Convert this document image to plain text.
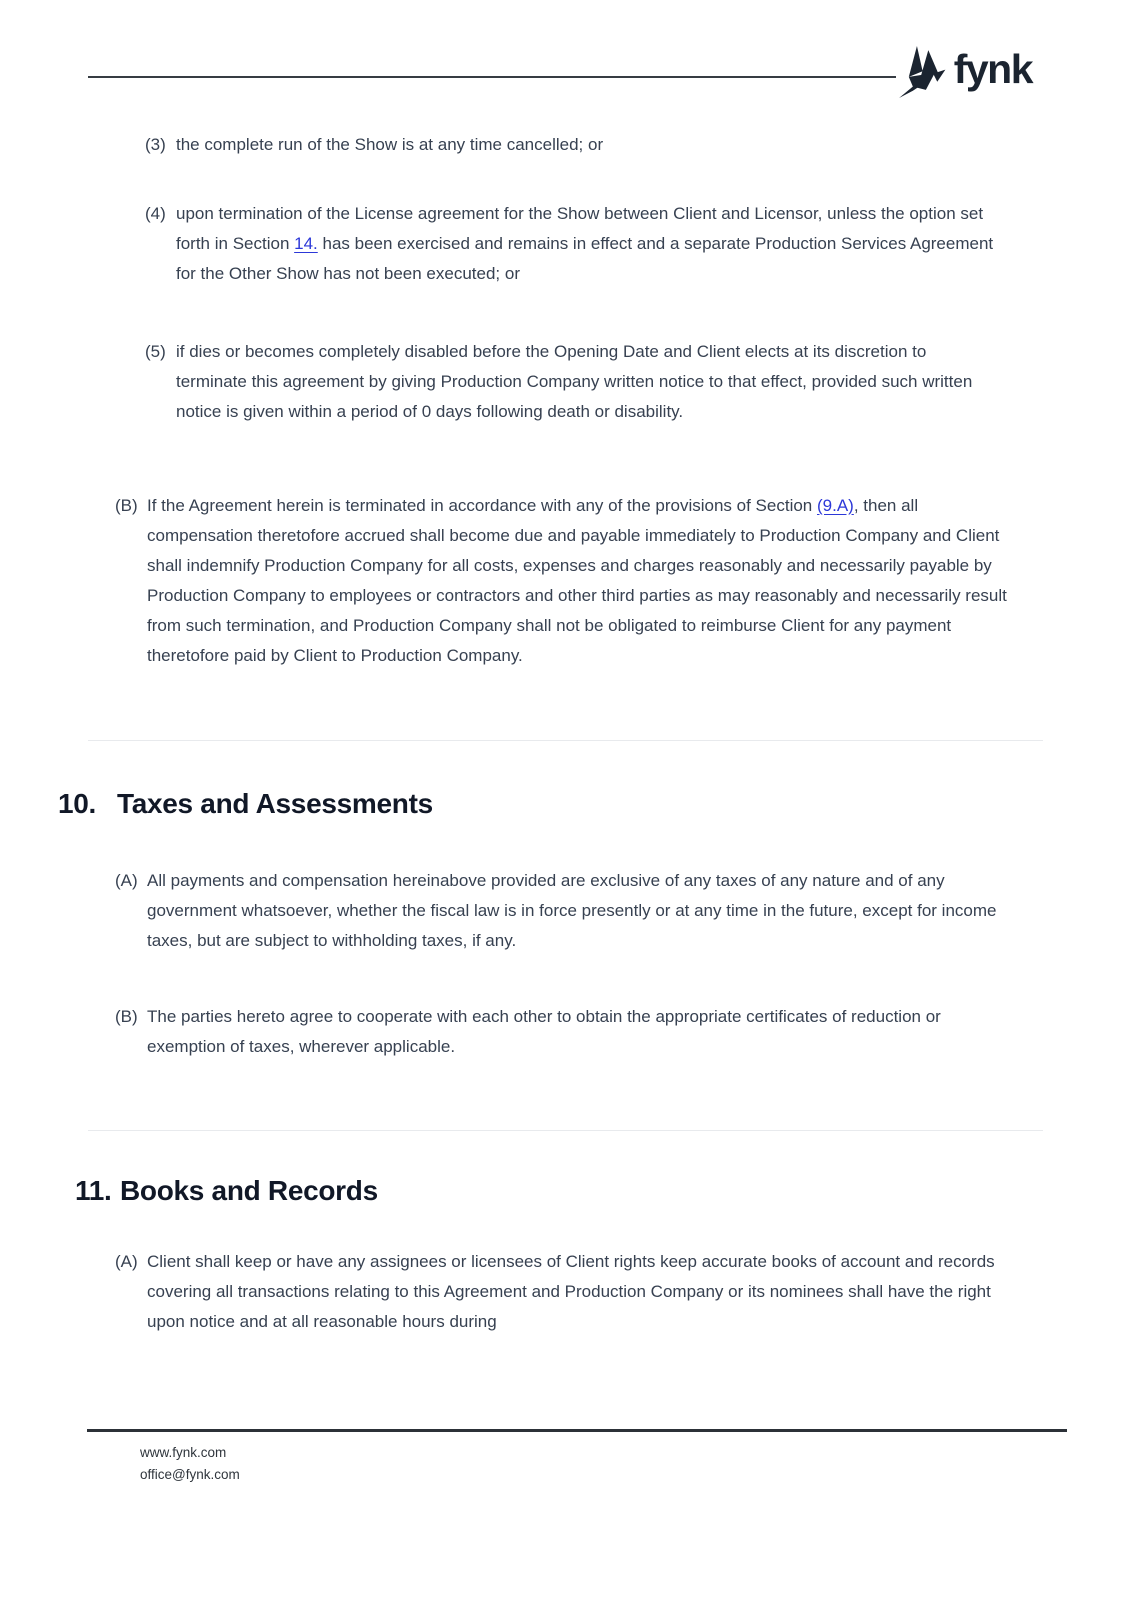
fynk
(3) the complete run of the Show is at any time cancelled; or
(4) upon termination of the License agreement for the Show between Client and Licensor, unless the option set forth in Section 14. has been exercised and remains in effect and a separate Production Services Agreement for the Other Show has not been executed; or
(5) if dies or becomes completely disabled before the Opening Date and Client elects at its discretion to terminate this agreement by giving Production Company written notice to that effect, provided such written notice is given within a period of 0 days following death or disability.
(B) If the Agreement herein is terminated in accordance with any of the provisions of Section (9.A), then all compensation theretofore accrued shall become due and payable immediately to Production Company and Client shall indemnify Production Company for all costs, expenses and charges reasonably and necessarily payable by Production Company to employees or contractors and other third parties as may reasonably and necessarily result from such termination, and Production Company shall not be obligated to reimburse Client for any payment theretofore paid by Client to Production Company.
10. Taxes and Assessments
(A) All payments and compensation hereinabove provided are exclusive of any taxes of any nature and of any government whatsoever, whether the fiscal law is in force presently or at any time in the future, except for income taxes, but are subject to withholding taxes, if any.
(B) The parties hereto agree to cooperate with each other to obtain the appropriate certificates of reduction or exemption of taxes, wherever applicable.
11. Books and Records
(A) Client shall keep or have any assignees or licensees of Client rights keep accurate books of account and records covering all transactions relating to this Agreement and Production Company or its nominees shall have the right upon notice and at all reasonable hours during
www.fynk.com
office@fynk.com
